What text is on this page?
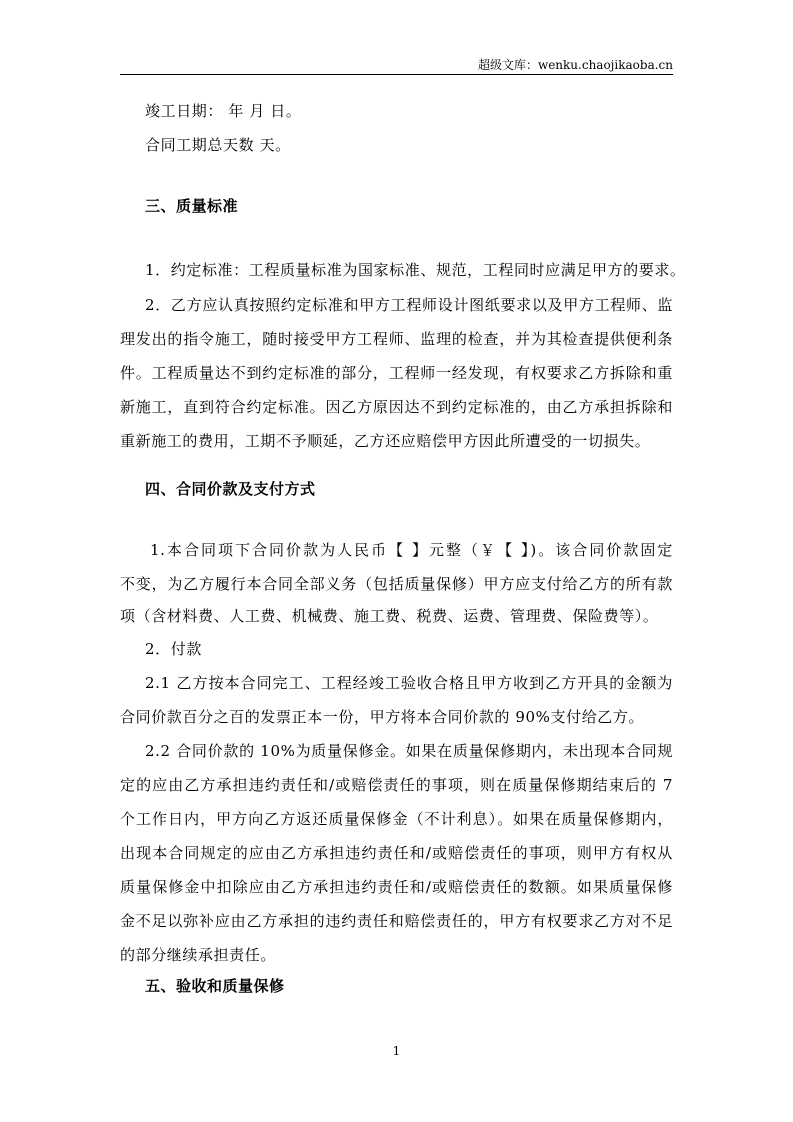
超级文库：wenku.chaojikaoba.cn
竣工日期： 年 月 日。
合同工期总天数 天。
三、质量标准
1．约定标准：工程质量标准为国家标准、规范，工程同时应满足甲方的要求。
2．乙方应认真按照约定标准和甲方工程师设计图纸要求以及甲方工程师、监
理发出的指令施工，随时接受甲方工程师、监理的检查，并为其检查提供便利条
件。工程质量达不到约定标准的部分，工程师一经发现，有权要求乙方拆除和重
新施工，直到符合约定标准。因乙方原因达不到约定标准的，由乙方承担拆除和
重新施工的费用，工期不予顺延，乙方还应赔偿甲方因此所遭受的一切损失。
四、合同价款及支付方式
1.本合同项下合同价款为人民币【 】元整（￥【 】)。该合同价款固定
不变，为乙方履行本合同全部义务（包括质量保修）甲方应支付给乙方的所有款
项（含材料费、人工费、机械费、施工费、税费、运费、管理费、保险费等）。
2．付款
2.1 乙方按本合同完工、工程经竣工验收合格且甲方收到乙方开具的金额为
合同价款百分之百的发票正本一份，甲方将本合同价款的 90%支付给乙方。
2.2 合同价款的 10%为质量保修金。如果在质量保修期内，未出现本合同规
定的应由乙方承担违约责任和/或赔偿责任的事项，则在质量保修期结束后的 7
个工作日内，甲方向乙方返还质量保修金（不计利息）。如果在质量保修期内，
出现本合同规定的应由乙方承担违约责任和/或赔偿责任的事项，则甲方有权从
质量保修金中扣除应由乙方承担违约责任和/或赔偿责任的数额。如果质量保修
金不足以弥补应由乙方承担的违约责任和赔偿责任的，甲方有权要求乙方对不足
的部分继续承担责任。
五、验收和质量保修
1
